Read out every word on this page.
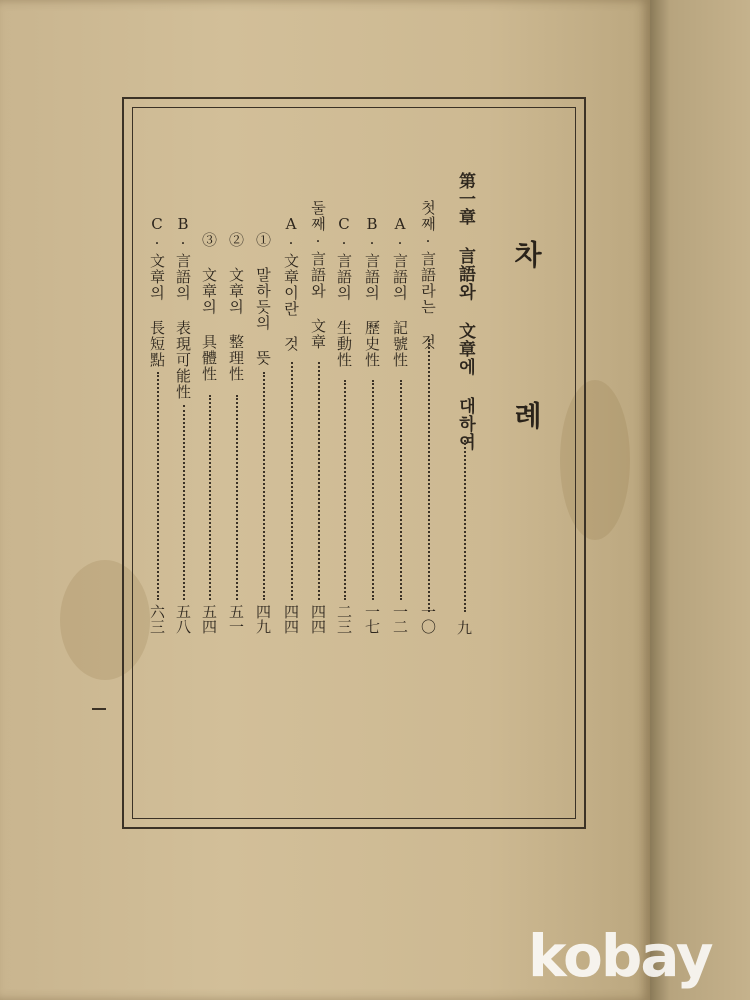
차 례
第一章 言語와 文章에 대하여
九
첫째·言語라는 것
一〇
A·言語의 記號性
一二
B·言語의 歷史性
一七
C·言語의 生動性
二三
둘째·言語와 文章
四四
A·文章이란 것
四四
① 말하듯의 뜻
四九
② 文章의 整理性
五一
③ 文章의 具體性
五四
B·言語의 表現可能性
五八
C·文章의 長短點
六三
kobay
